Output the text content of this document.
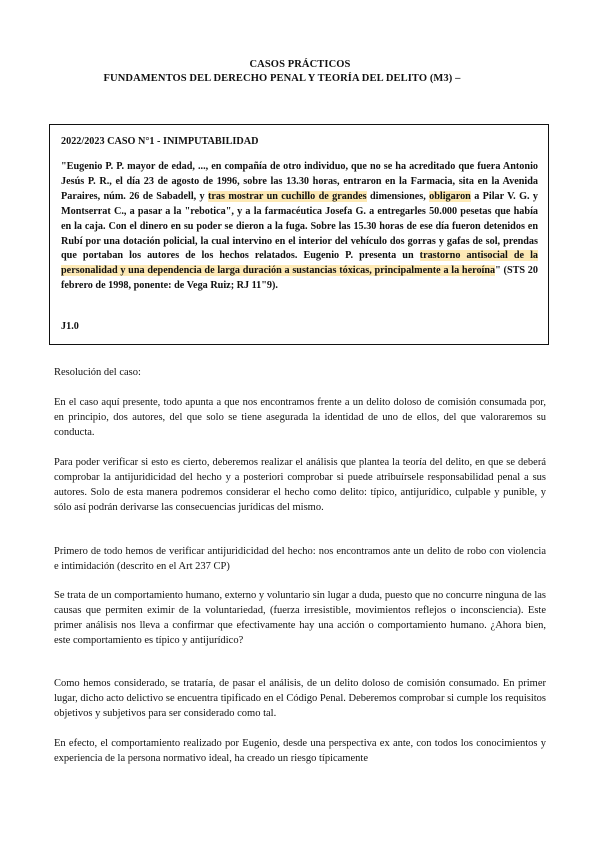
CASOS PRÁCTICOS
FUNDAMENTOS DEL DERECHO PENAL Y TEORÍA DEL DELITO (M3) –
2022/2023 CASO N°1 - INIMPUTABILIDAD
"Eugenio P. P. mayor de edad, ..., en compañía de otro individuo, que no se ha acreditado que fuera Antonio Jesús P. R., el día 23 de agosto de 1996, sobre las 13.30 horas, entraron en la Farmacia, sita en la Avenida Paraires, núm. 26 de Sabadell, y tras mostrar un cuchillo de grandes dimensiones, obligaron a Pilar V. G. y Montserrat C., a pasar a la "rebotica", y a la farmacéutica Josefa G. a entregarles 50.000 pesetas que había en la caja. Con el dinero en su poder se dieron a la fuga. Sobre las 15.30 horas de ese día fueron detenidos en Rubí por una dotación policial, la cual intervino en el interior del vehículo dos gorras y gafas de sol, prendas que portaban los autores de los hechos relatados. Eugenio P. presenta un trastorno antisocial de la personalidad y una dependencia de larga duración a sustancias tóxicas, principalmente a la heroína" (STS 20 febrero de 1998, ponente: de Vega Ruiz; RJ 11"9).
J1.0
Resolución del caso:
En el caso aquí presente, todo apunta a que nos encontramos frente a un delito doloso de comisión consumada por, en principio, dos autores, del que solo se tiene asegurada la identidad de uno de ellos, del que valoraremos su conducta.
Para poder verificar si esto es cierto, deberemos realizar el análisis que plantea la teoría del delito, en que se deberá comprobar la antijuridicidad del hecho y a posteriori comprobar si puede atribuírsele responsabilidad penal a sus autores. Solo de esta manera podremos considerar el hecho como delito: típico, antijurídico, culpable y punible, y sólo así podrán derivarse las consecuencias jurídicas del mismo.
Primero de todo hemos de verificar antijuridicidad del hecho: nos encontramos ante un delito de robo con violencia e intimidación (descrito en el Art 237 CP)
Se trata de un comportamiento humano, externo y voluntario sin lugar a duda, puesto que no concurre ninguna de las causas que permiten eximir de la voluntariedad, (fuerza irresistible, movimientos reflejos o inconsciencia). Este primer análisis nos lleva a confirmar que efectivamente hay una acción o comportamiento humano. ¿Ahora bien, este comportamiento es típico y antijurídico?
Como hemos considerado, se trataría, de pasar el análisis, de un delito doloso de comisión consumado. En primer lugar, dicho acto delictivo se encuentra tipificado en el Código Penal. Deberemos comprobar si cumple los requisitos objetivos y subjetivos para ser considerado como tal.
En efecto, el comportamiento realizado por Eugenio, desde una perspectiva ex ante, con todos los conocimientos y experiencia de la persona normativo ideal, ha creado un riesgo típicamente
